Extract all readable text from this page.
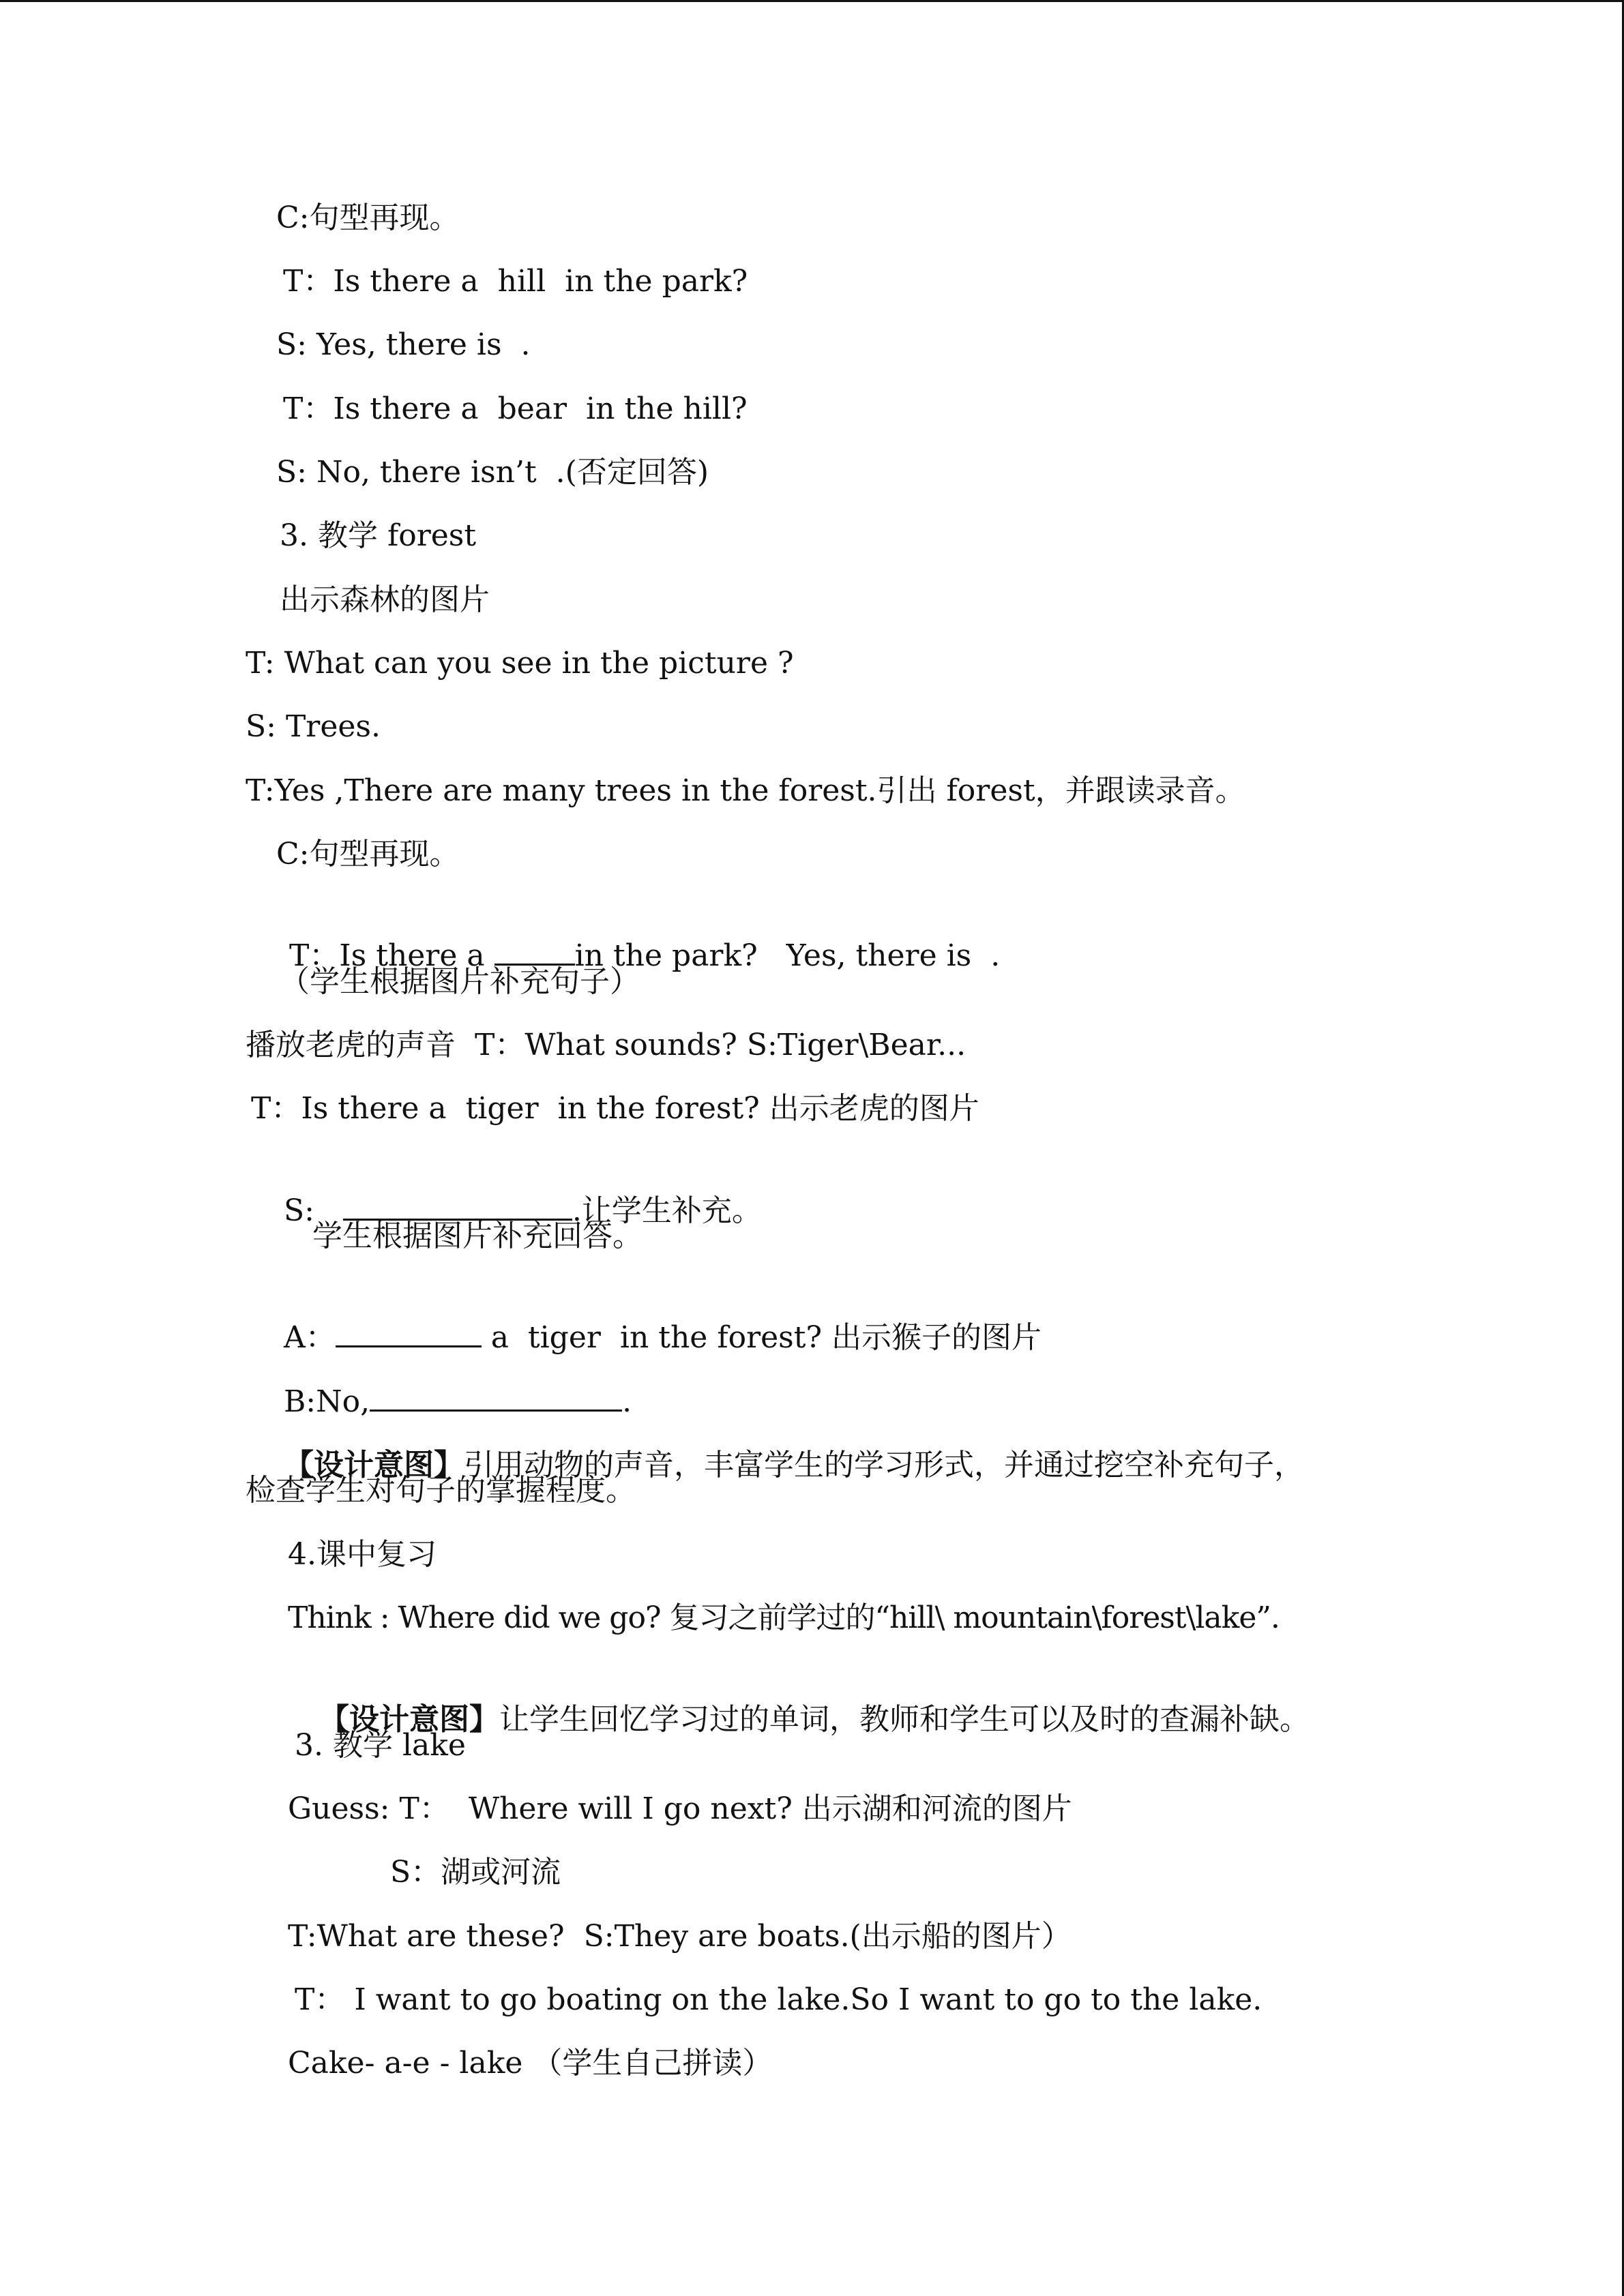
C:句型再现。
T：Is there a  hill  in the park?
S: Yes, there is  .
T：Is there a  bear  in the hill?
S: No, there isn’t  .(否定回答)
3. 教学 forest
出示森林的图片
T: What can you see in the picture ?
S: Trees.
T:Yes ,There are many trees in the forest.引出 forest，并跟读录音。
C:句型再现。

T：Is there a	in the park?   Yes, there is  .

（学生根据图片补充句子）
播放老虎的声音  T：What sounds? S:Tiger\Bear...
T：Is there a  tiger  in the forest? 出示老虎的图片

S:	.让学生补充。

学生根据图片补充回答。

A：	a  tiger  in the forest? 出示猴子的图片

B:No,	.

【设计意图】引用动物的声音，丰富学生的学习形式，并通过挖空补充句子，

检查学生对句子的掌握程度。
4.课中复习
Think : Where did we go? 复习之前学过的“hill\ mountain\forest\lake”.

【设计意图】让学生回忆学习过的单词，教师和学生可以及时的查漏补缺。

3. 教学 lake
Guess: T：  Where will I go next? 出示湖和河流的图片
S：湖或河流
T:What are these?  S:They are boats.(出示船的图片）
T： I want to go boating on the lake.So I want to go to the lake.
Cake- a-e - lake （学生自己拼读）
